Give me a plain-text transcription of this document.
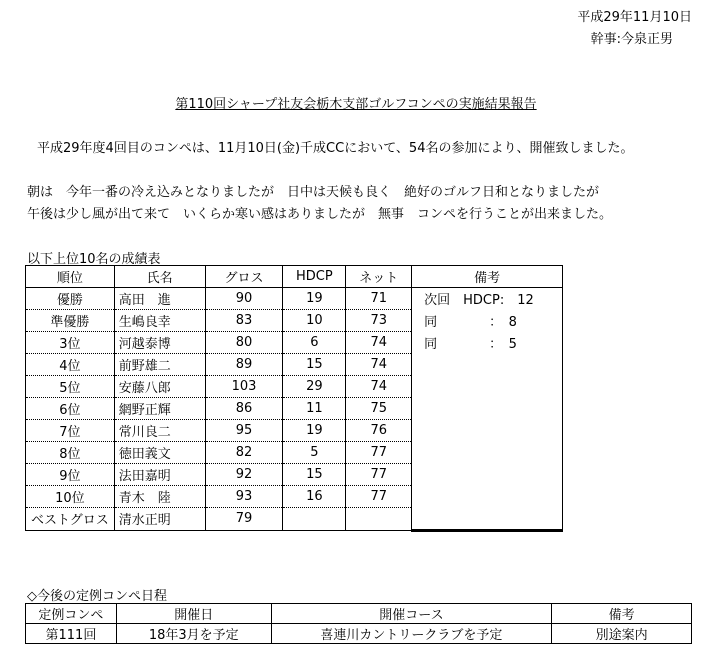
平成29年11月10日
幹事:今泉正男
第110回シャープ社友会栃木支部ゴルフコンペの実施結果報告
平成29年度4回目のコンペは、11月10日(金)千成CCにおいて、54名の参加により、開催致しました。
朝は　今年一番の冷え込みとなりましたが　日中は天候も良く　絶好のゴルフ日和となりましたが
午後は少し風が出て来て　いくらか寒い感はありましたが　無事　コンペを行うことが出来ました。
以下上位10名の成績表
順位	氏名	グロス	HDCP	ネット	備考
優勝	高田　進	90	19	71	次回　HDCP:　12
準優勝	生嶋良幸	83	10	73	同　　　　：　8
3位	河越泰博	80	6	74	同　　　　：　5
4位	前野雄二	89	15	74	
5位	安藤八郎	103	29	74	
6位	網野正輝	86	11	75	
7位	常川良二	95	19	76	
8位	徳田義文	82	5	77	
9位	法田嘉明	92	15	77	
10位	青木　陸	93	16	77	
ベストグロス	清水正明	79			
◇今後の定例コンペ日程
定例コンペ	開催日	開催コース	備考
第111回	18年3月を予定	喜連川カントリークラブを予定	別途案内
